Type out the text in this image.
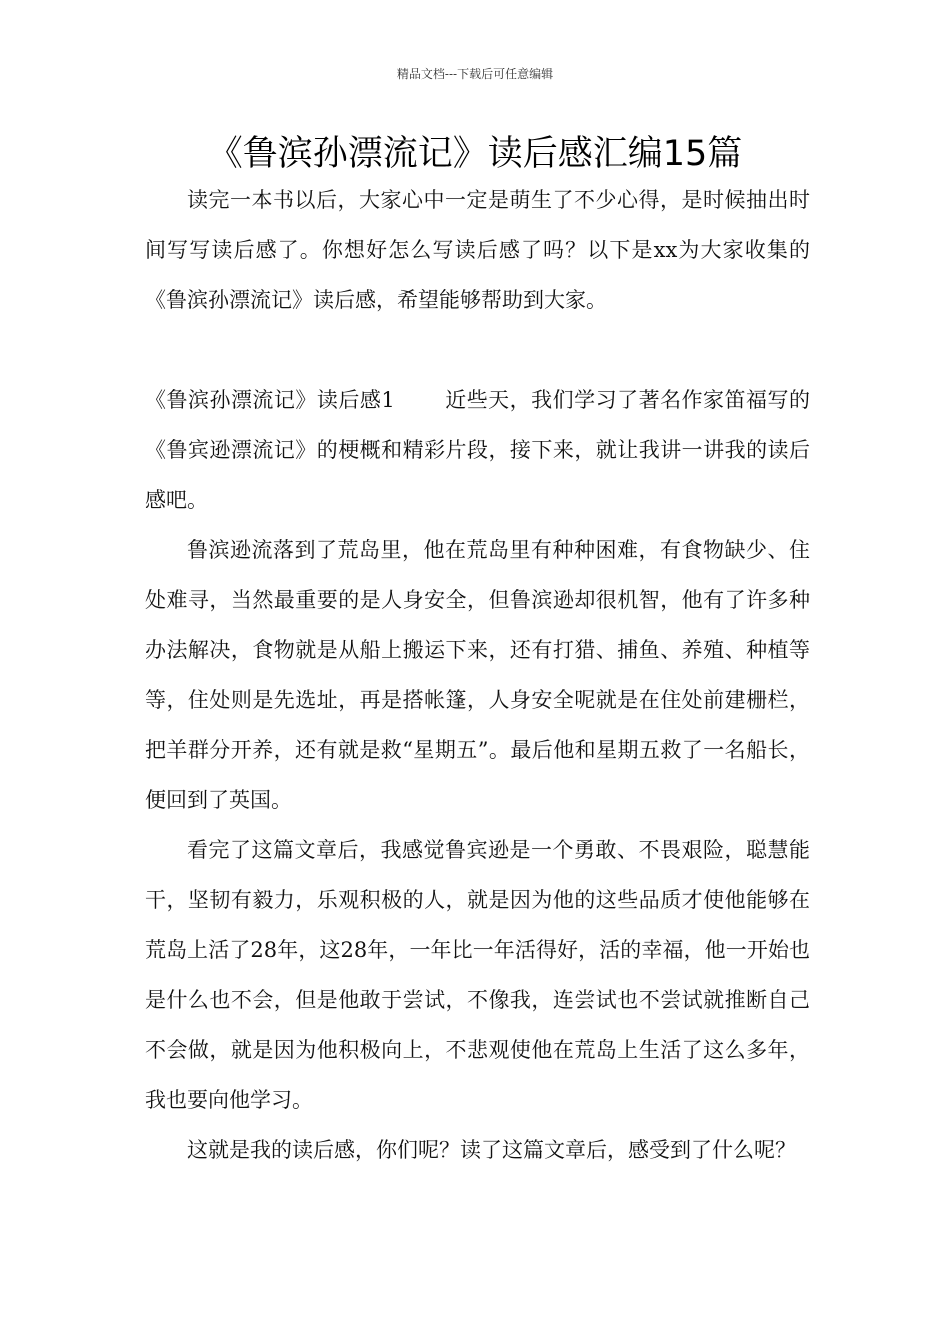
精品文档---下载后可任意编辑
《鲁滨孙漂流记》读后感汇编15篇

读完一本书以后，大家心中一定是萌生了不少心得，是时候抽出时间写写读后感了。你想好怎么写读后感了吗？以下是xx为大家收集的《鲁滨孙漂流记》读后感，希望能够帮助到大家。

《鲁滨孙漂流记》读后感1 近些天，我们学习了著名作家笛福写的《鲁宾逊漂流记》的梗概和精彩片段，接下来，就让我讲一讲我的读后感吧。

鲁滨逊流落到了荒岛里，他在荒岛里有种种困难，有食物缺少、住处难寻，当然最重要的是人身安全，但鲁滨逊却很机智，他有了许多种办法解决，食物就是从船上搬运下来，还有打猎、捕鱼、养殖、种植等等，住处则是先选址，再是搭帐篷，人身安全呢就是在住处前建栅栏，把羊群分开养，还有就是救“星期五”。最后他和星期五救了一名船长，便回到了英国。

看完了这篇文章后，我感觉鲁宾逊是一个勇敢、不畏艰险，聪慧能干，坚韧有毅力，乐观积极的人，就是因为他的这些品质才使他能够在荒岛上活了28年，这28年，一年比一年活得好，活的幸福，他一开始也是什么也不会，但是他敢于尝试，不像我，连尝试也不尝试就推断自己不会做，就是因为他积极向上，不悲观使他在荒岛上生活了这么多年，我也要向他学习。

这就是我的读后感，你们呢？读了这篇文章后，感受到了什么呢？
